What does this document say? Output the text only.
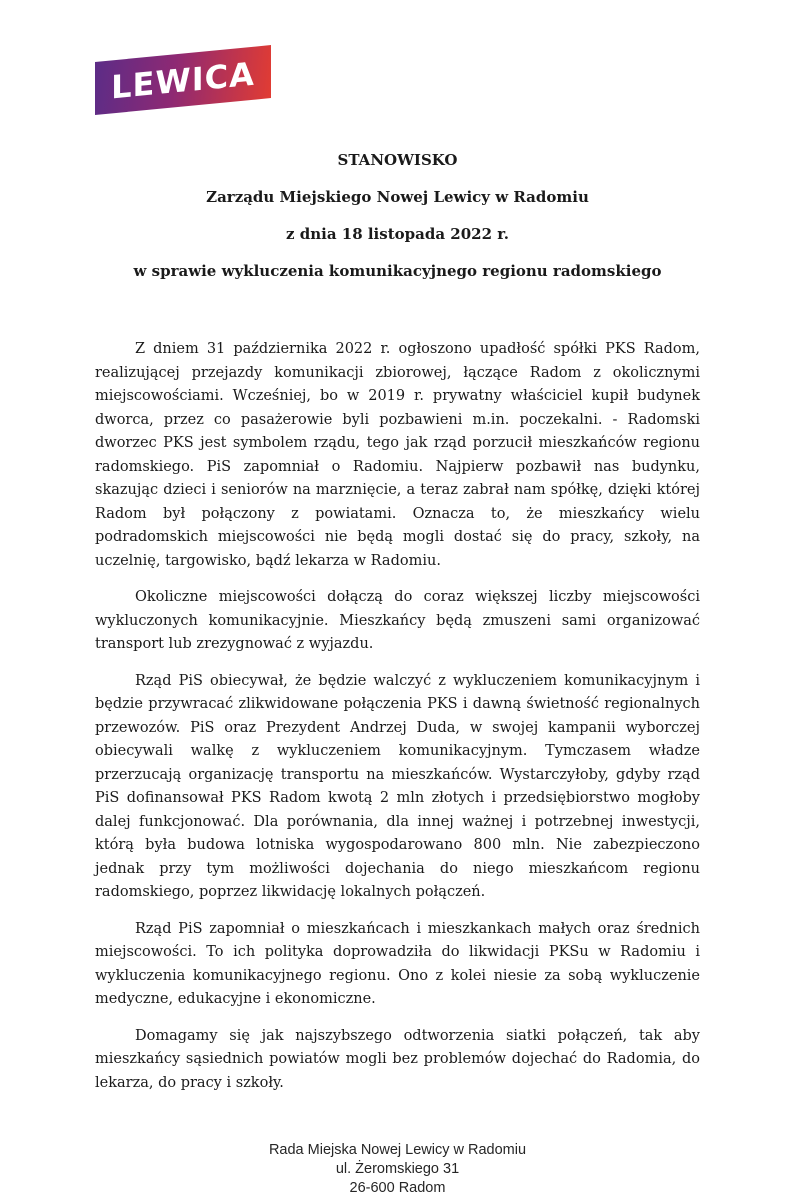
LEWICA
STANOWISKO
Zarządu Miejskiego Nowej Lewicy w Radomiu
z dnia 18 listopada 2022 r.
w sprawie wykluczenia komunikacyjnego regionu radomskiego

Z dniem 31 października 2022 r. ogłoszono upadłość spółki PKS Radom, realizującej przejazdy komunikacji zbiorowej, łączące Radom z okolicznymi miejscowościami. Wcześniej, bo w 2019 r. prywatny właściciel kupił budynek dworca, przez co pasażerowie byli pozbawieni m.in. poczekalni. - Radomski dworzec PKS jest symbolem rządu, tego jak rząd porzucił mieszkańców regionu radomskiego. PiS zapomniał o Radomiu. Najpierw pozbawił nas budynku, skazując dzieci i seniorów na marznięcie, a teraz zabrał nam spółkę, dzięki której Radom był połączony z powiatami. Oznacza to, że mieszkańcy wielu podradomskich miejscowości nie będą mogli dostać się do pracy, szkoły, na uczelnię, targowisko, bądź lekarza w Radomiu.

Okoliczne miejscowości dołączą do coraz większej liczby miejscowości wykluczonych komunikacyjnie. Mieszkańcy będą zmuszeni sami organizować transport lub zrezygnować z wyjazdu.

Rząd PiS obiecywał, że będzie walczyć z wykluczeniem komunikacyjnym i będzie przywracać zlikwidowane połączenia PKS i dawną świetność regionalnych przewozów. PiS oraz Prezydent Andrzej Duda, w swojej kampanii wyborczej obiecywali walkę z wykluczeniem komunikacyjnym. Tymczasem władze przerzucają organizację transportu na mieszkańców. Wystarczyłoby, gdyby rząd PiS dofinansował PKS Radom kwotą 2 mln złotych i przedsiębiorstwo mogłoby dalej funkcjonować. Dla porównania, dla innej ważnej i potrzebnej inwestycji, którą była budowa lotniska wygospodarowano 800 mln. Nie zabezpieczono jednak przy tym możliwości dojechania do niego mieszkańcom regionu radomskiego, poprzez likwidację lokalnych połączeń.

Rząd PiS zapomniał o mieszkańcach i mieszkankach małych oraz średnich miejscowości. To ich polityka doprowadziła do likwidacji PKSu w Radomiu i wykluczenia komunikacyjnego regionu. Ono z kolei niesie za sobą wykluczenie medyczne, edukacyjne i ekonomiczne.

Domagamy się jak najszybszego odtworzenia siatki połączeń, tak aby mieszkańcy sąsiednich powiatów mogli bez problemów dojechać do Radomia, do lekarza, do pracy i szkoły.

Rada Miejska Nowej Lewicy w Radomiu
ul. Żeromskiego 31
26-600 Radom
